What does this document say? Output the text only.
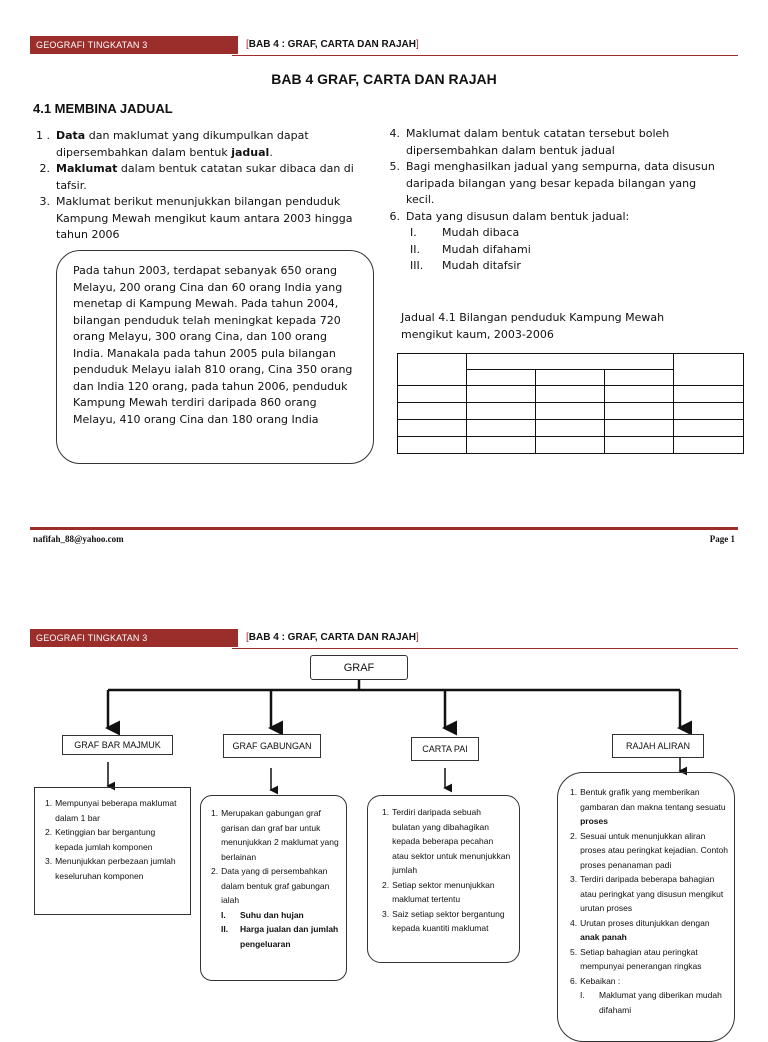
GEOGRAFI TINGKATAN 3	[BAB 4 : GRAF, CARTA DAN RAJAH]
BAB 4 GRAF, CARTA DAN RAJAH
4.1 MEMBINA JADUAL
1 . Data dan maklumat yang dikumpulkan dapat dipersembahkan dalam bentuk jadual.
2. Maklumat dalam bentuk catatan sukar dibaca dan di tafsir.
3. Maklumat berikut menunjukkan bilangan penduduk Kampung Mewah mengikut kaum antara 2003 hingga tahun 2006
Pada tahun 2003, terdapat sebanyak 650 orang Melayu, 200 orang Cina dan 60 orang India yang menetap di Kampung Mewah. Pada tahun 2004, bilangan penduduk telah meningkat kepada 720 orang Melayu, 300 orang Cina, dan 100 orang India. Manakala pada tahun 2005 pula bilangan penduduk Melayu ialah 810 orang, Cina 350 orang dan India 120 orang, pada tahun 2006, penduduk Kampung Mewah terdiri daripada 860 orang Melayu, 410 orang Cina dan 180 orang India
4. Maklumat dalam bentuk catatan tersebut boleh dipersembahkan dalam bentuk jadual
5. Bagi menghasilkan jadual yang sempurna, data disusun daripada bilangan yang besar kepada bilangan yang kecil.
6. Data yang disusun dalam bentuk jadual:
I.	Mudah dibaca
II.	Mudah difahami
III.	Mudah ditafsir
Jadual 4.1 Bilangan penduduk Kampung Mewah mengikut kaum, 2003-2006

nafifah_88@yahoo.com	Page 1
GEOGRAFI TINGKATAN 3	[BAB 4 : GRAF, CARTA DAN RAJAH]
GRAF
GRAF BAR MAJMUK	GRAF GABUNGAN	CARTA PAI	RAJAH ALIRAN
1. Mempunyai beberapa maklumat dalam 1 bar
2. Ketinggian bar bergantung kepada jumlah komponen
3. Menunjukkan perbezaan jumlah keseluruhan komponen
1. Merupakan gabungan graf garisan dan graf bar untuk menunjukkan 2 maklumat yang berlainan
2. Data yang di persembahkan dalam bentuk graf gabungan ialah
I.	Suhu dan hujan
II.	Harga jualan dan jumlah pengeluaran
1. Terdiri daripada sebuah bulatan yang dibahagikan kepada beberapa pecahan atau sektor untuk menunjukkan jumlah
2. Setiap sektor menunjukkan maklumat tertentu
3. Saiz setiap sektor bergantung kepada kuantiti maklumat
1. Bentuk grafik yang memberikan gambaran dan makna tentang sesuatu proses
2. Sesuai untuk menunjukkan aliran proses atau peringkat kejadian. Contoh proses penanaman padi
3. Terdiri daripada beberapa bahagian atau peringkat yang disusun mengikut urutan proses
4. Urutan proses ditunjukkan dengan anak panah
5. Setiap bahagian atau peringkat mempunyai penerangan ringkas
6. Kebaikan :
I.	Maklumat yang diberikan mudah difahami
